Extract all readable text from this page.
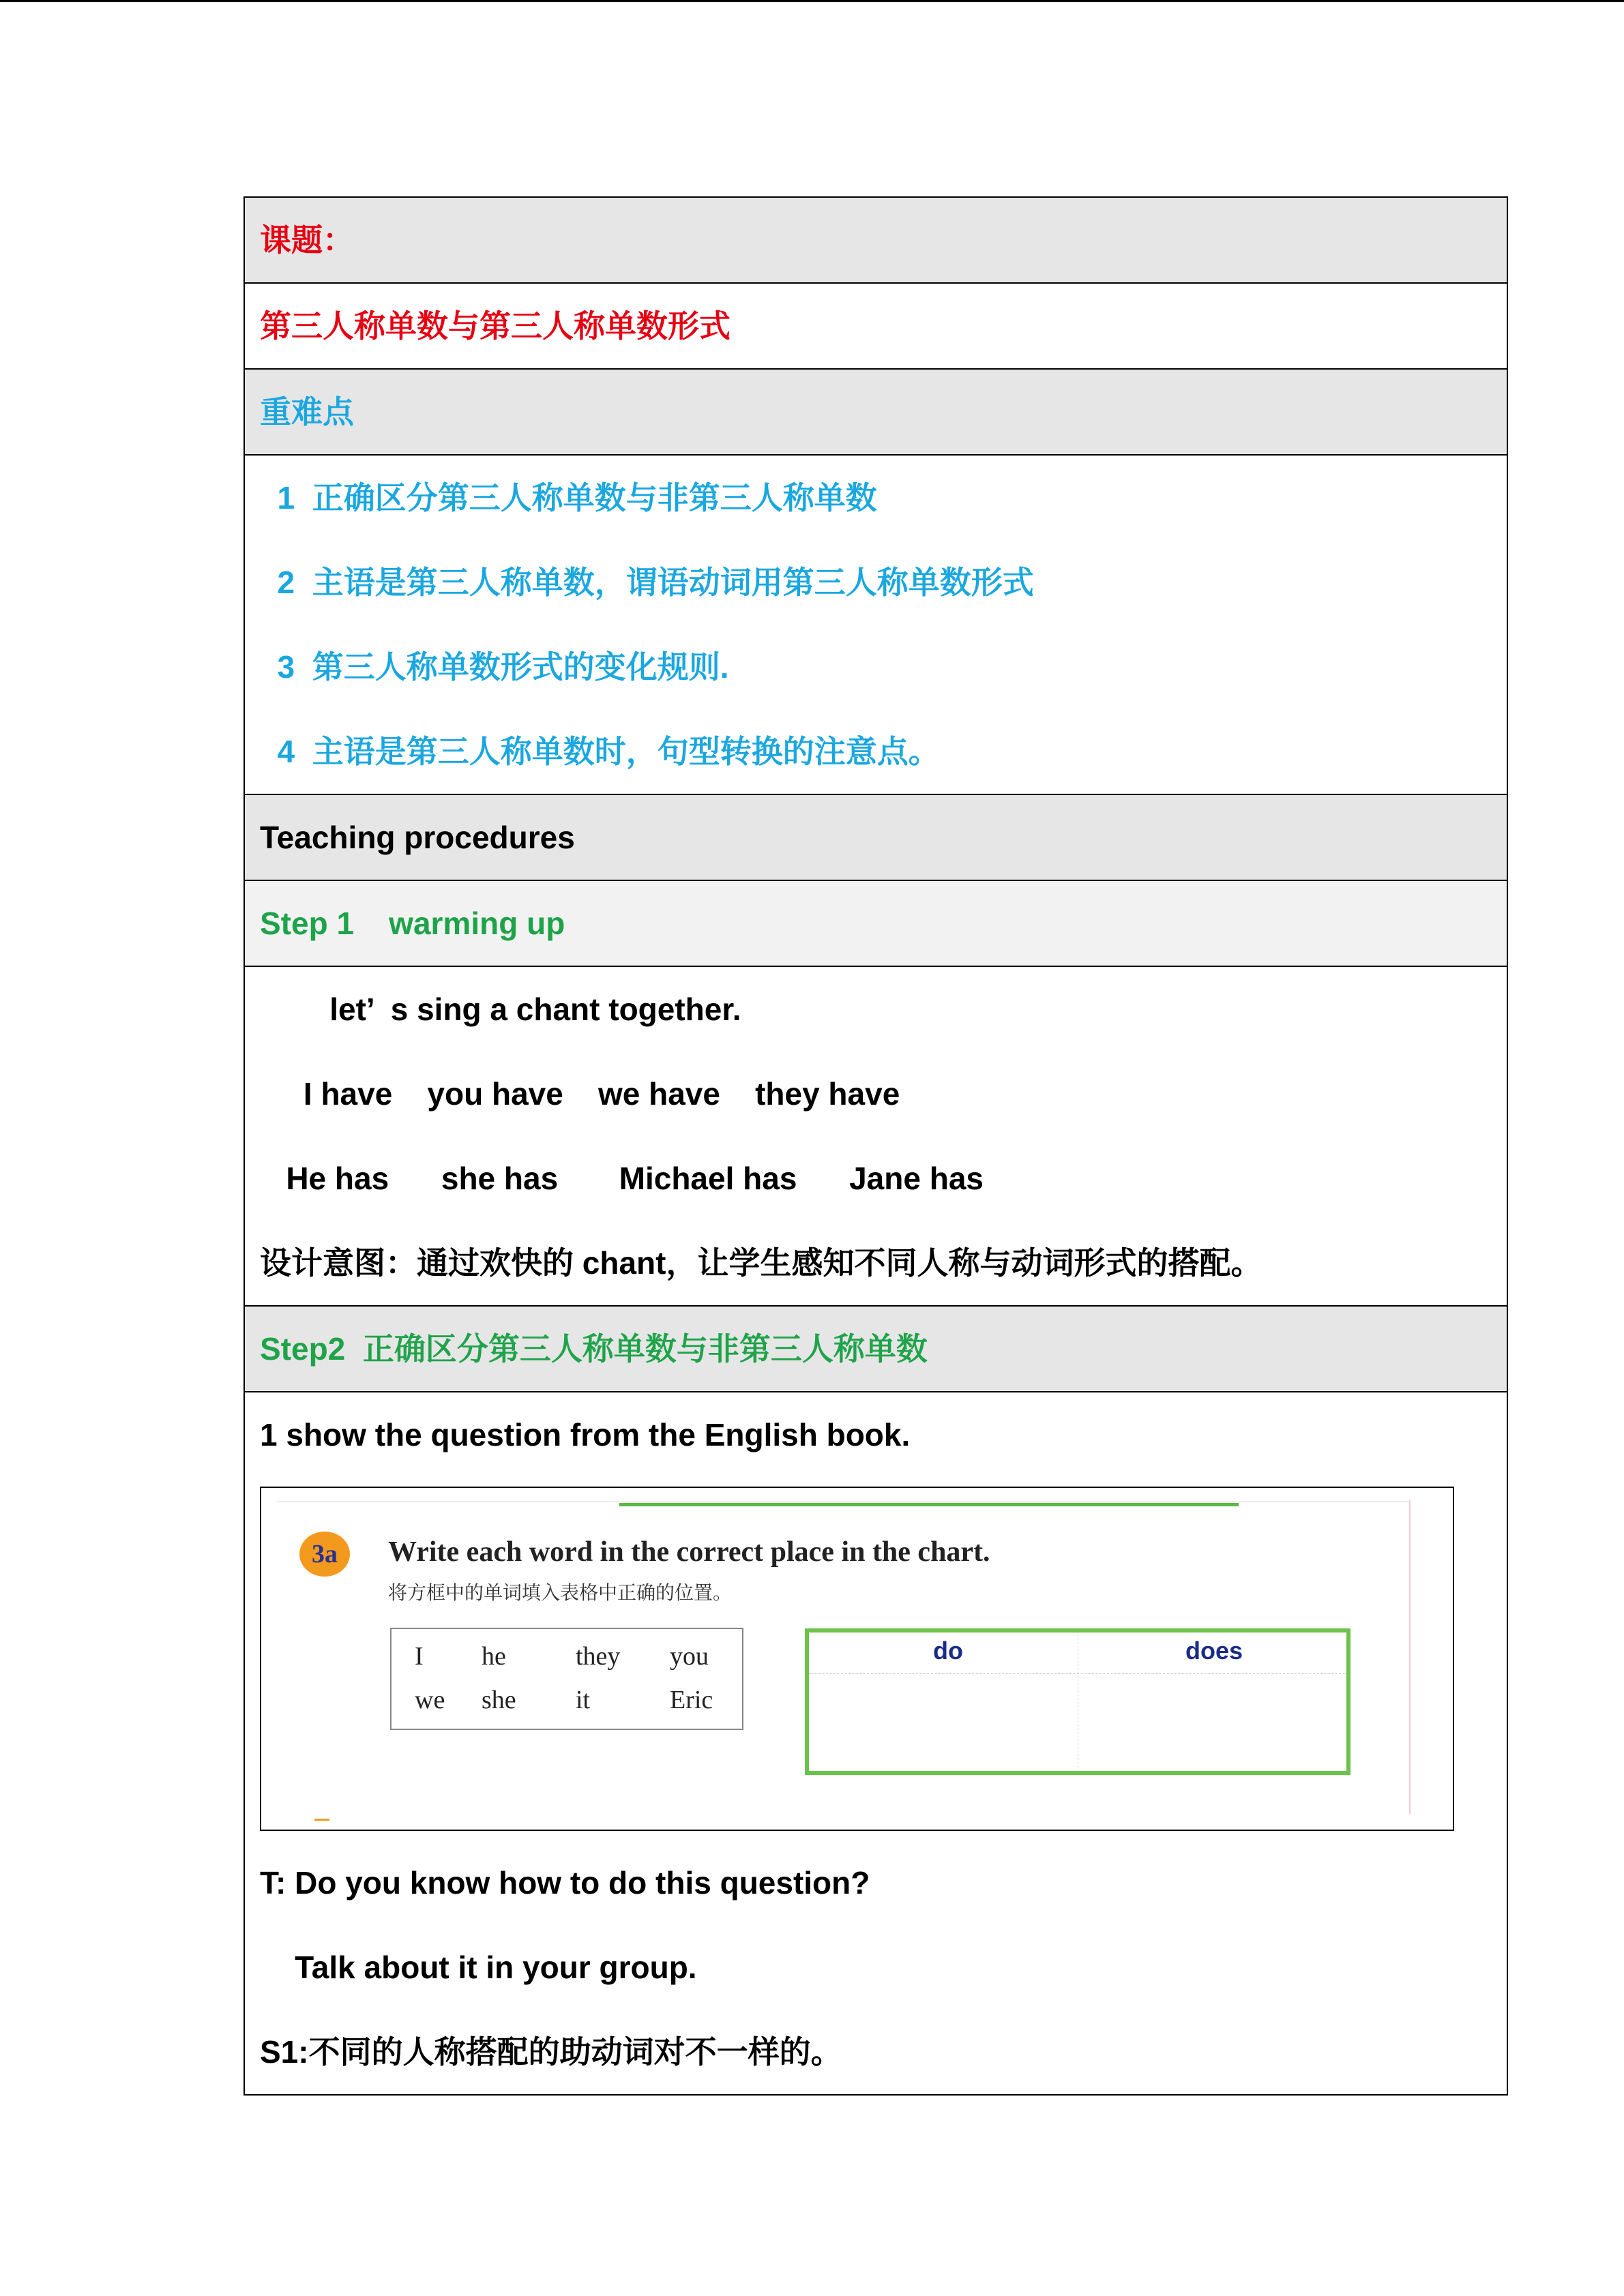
课题：
第三人称单数与第三人称单数形式
重难点
1  正确区分第三人称单数与非第三人称单数
2  主语是第三人称单数，谓语动词用第三人称单数形式
3  第三人称单数形式的变化规则.
4  主语是第三人称单数时，句型转换的注意点。
Teaching procedures
Step 1    warming up
let’  s sing a chant together.
I have    you have    we have    they have
He has      she has       Michael has      Jane has
设计意图：通过欢快的 chant，让学生感知不同人称与动词形式的搭配。
Step2  正确区分第三人称单数与非第三人称单数
1 show the question from the English book.
3a	Write each word in the correct place in the chart.
将方框中的单词填入表格中正确的位置。
I he	they you
we she it	Eric
do	does
T: Do you know how to do this question?
Talk about it in your group.
S1:不同的人称搭配的助动词对不一样的。
